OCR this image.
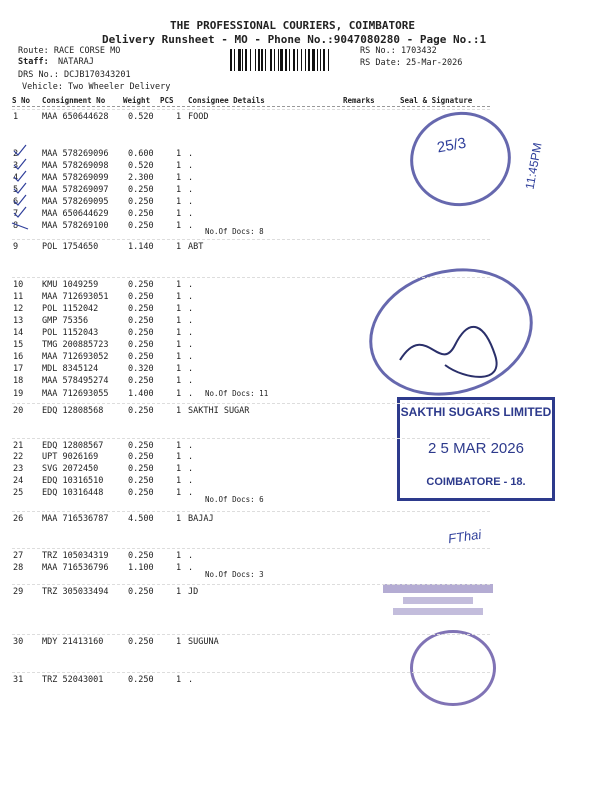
THE PROFESSIONAL COURIERS, COIMBATORE
Delivery Runsheet - MO - Phone No.:9047080280 - Page No.:1
Route: RACE CORSE MO
Staff: NATARAJ
DRS No.: DCJB170343201
Vehicle: Two Wheeler Delivery
RS No.: 1703432
RS Date: 25-Mar-2026
S No Consignment No Weight PCS Consignee Details	Remarks	Seal & Signature
1	MAA 650644628 0.520	1 FOOD
2	MAA 578269096 0.600	1 .
3	MAA 578269098 0.520	1 .
4	MAA 578269099 2.300	1 .
5	MAA 578269097 0.250	1 .
6	MAA 578269095 0.250	1 .
7	MAA 650644629 0.250	1 .
8	MAA 578269100 0.250	1 .
9	POL 1754650	1.140	1 ABT
10 KMU 1049259	0.250	1 .
11 MAA 712693051 0.250	1 .
12 POL 1152042	0.250	1 .
13 GMP 75356	0.250	1 .
14 POL 1152043	0.250	1 .
15 TMG 200885723 0.250	1 .
16 MAA 712693052 0.250	1 .
17 MDL 8345124	0.320	1 .
18 MAA 578495274 0.250	1 .
19 MAA 712693055 1.400	1 .
20 EDQ 12808568	0.250	1 SAKTHI SUGAR
21 EDQ 12808567	0.250	1 .
22 UPT 9026169	0.250	1 .
23 SVG 2072450	0.250	1 .
24 EDQ 10316510	0.250	1 .
25 EDQ 10316448	0.250	1 .
26 MAA 716536787 4.500	1 BAJAJ
27 TRZ 105034319 0.250	1 .
28 MAA 716536796 1.100	1 .
29 TRZ 305033494 0.250	1 JD
30 MDY 21413160	0.250	1 SUGUNA
31 TRZ 52043001	0.250	1 .
No.Of Docs: 8
No.Of Docs: 11
No.Of Docs: 6
No.Of Docs: 3
25/3	11:45PM
SAKTHI SUGARS LIMITED
2 5 MAR 2026
COIMBATORE - 18.
FThai
